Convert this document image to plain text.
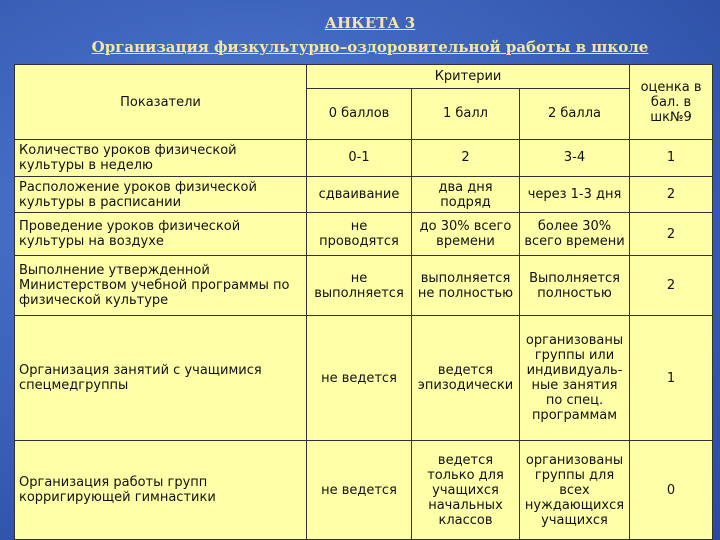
АНКЕТА 3
Организация физкультурно–оздоровительной работы в школе
Показатели	Критерии			оценка в бал. в шк№9
	0 баллов	1 балл	2 балла	
Количество уроков физической культуры в неделю	0-1	2	3-4	1
Расположение уроков физической культуры в расписании	сдваивание	два дня подряд	через 1-3 дня	2
Проведение уроков физической культуры на воздухе	не проводятся	до 30% всего времени	более 30% всего времени	2
Выполнение утвержденной Министерством учебной программы по физической культуре	не выполняется	выполняется не полностью	Выполняется полностью	2
Организация занятий с учащимися спецмедгруппы	не ведется	ведется эпизодически	организованы группы или индивидуаль-ные занятия по спец. программам	1
Организация работы групп корригирующей гимнастики	не ведется	ведется только для учащихся начальных классов	организованы группы для всех нуждающихся учащихся	0
